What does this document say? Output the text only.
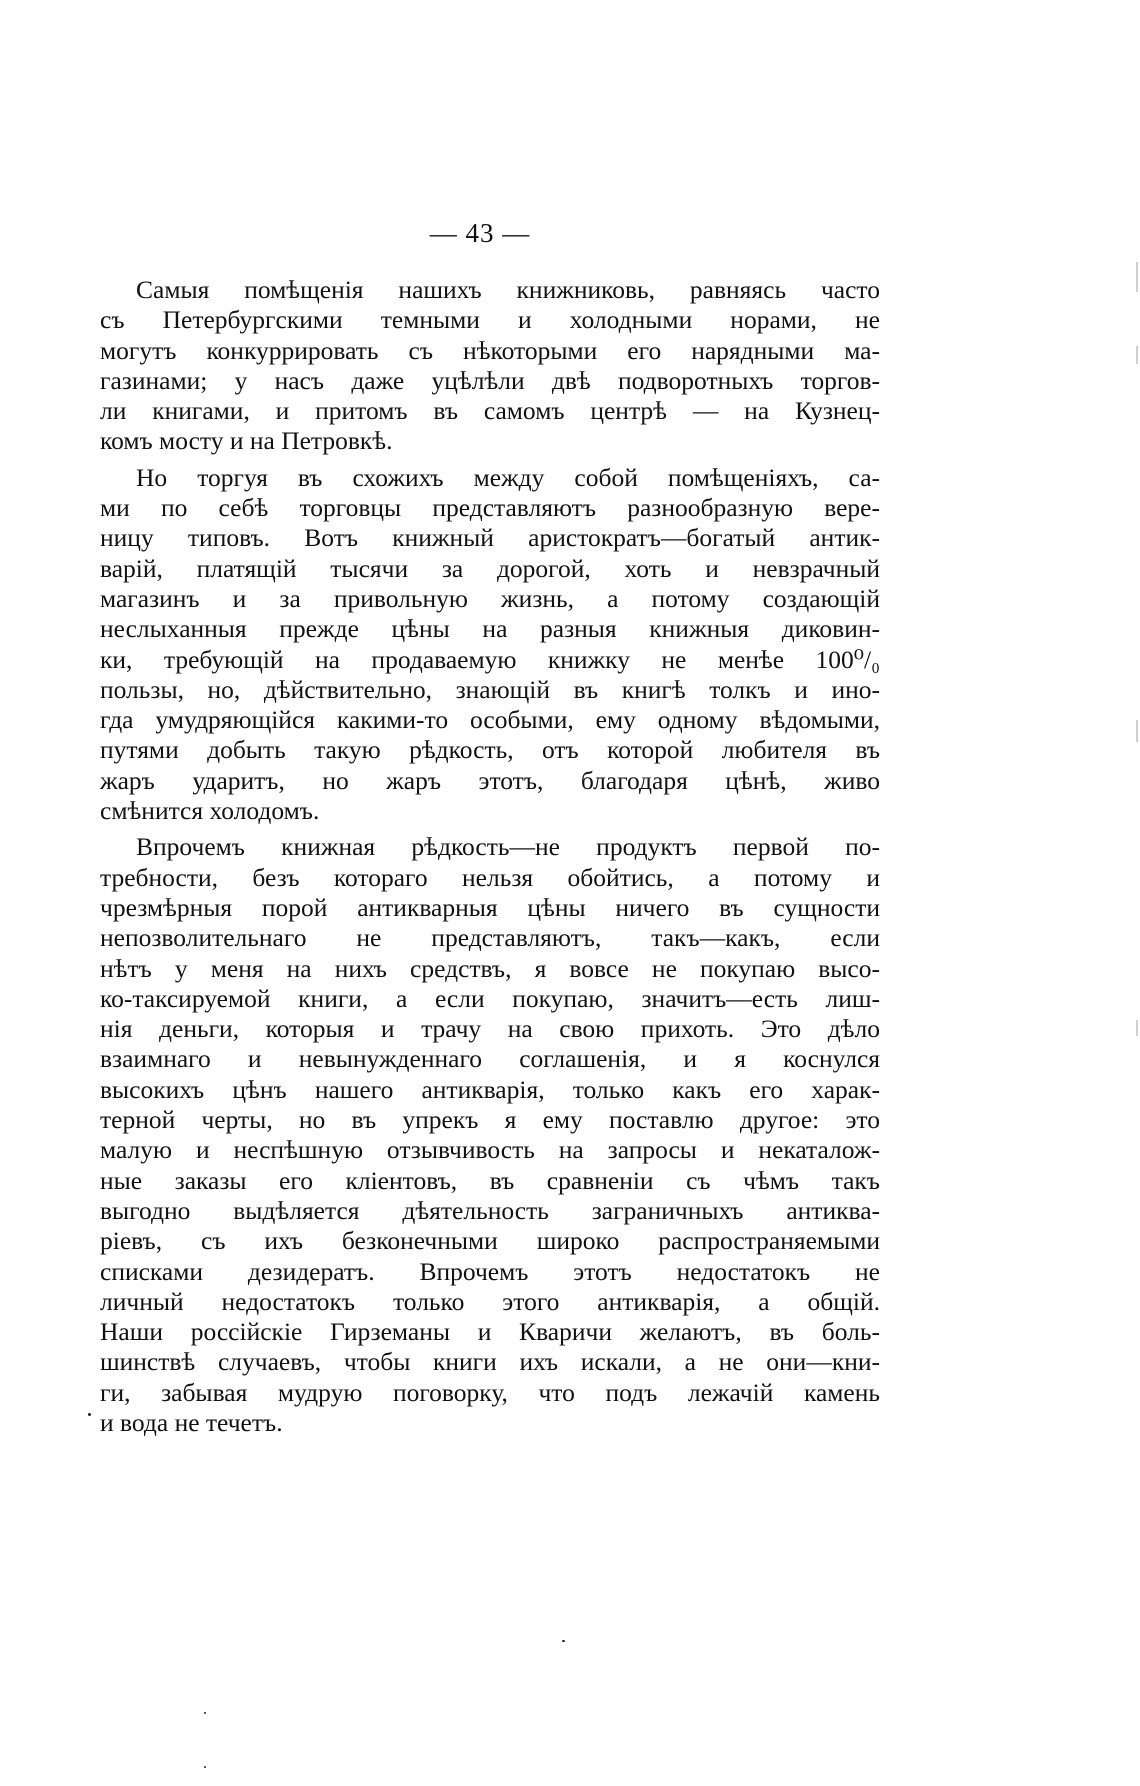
— 43 —
Самыя помѣщенія нашихъ книжниковь, равняясь часто
съ Петербургскими темными и холодными норами, не
могутъ конкуррировать съ нѣкоторыми его нарядными ма-
газинами; у насъ даже уцѣлѣли двѣ подворотныхъ торгов-
ли книгами, и притомъ въ самомъ центрѣ — на Кузнец-
комъ мосту и на Петровкѣ.
Но торгуя въ схожихъ между собой помѣщеніяхъ, са-
ми по себѣ торговцы представляютъ разнообразную вере-
ницу типовъ. Вотъ книжный аристократъ—богатый антик-
варій, платящій тысячи за дорогой, хоть и невзрачный
магазинъ и за привольную жизнь, а потому создающій
неслыханныя прежде цѣны на разныя книжныя диковин-
ки, требующій на продаваемую книжку не менѣе 100⁰/₀
пользы, но, дѣйствительно, знающій въ книгѣ толкъ и ино-
гда умудряющійся какими-то особыми, ему одному вѣдомыми,
путями добыть такую рѣдкость, отъ которой любителя въ
жаръ ударитъ, но жаръ этотъ, благодаря цѣнѣ, живо
смѣнится холодомъ.
Впрочемъ книжная рѣдкость—не продуктъ первой по-
требности, безъ котораго нельзя обойтись, а потому и
чрезмѣрныя порой антикварныя цѣны ничего въ сущности
непозволительнаго не представляютъ, такъ—какъ, если
нѣтъ у меня на нихъ средствъ, я вовсе не покупаю высо-
ко-таксируемой книги, а если покупаю, значитъ—есть лиш-
нія деньги, которыя и трачу на свою прихоть. Это дѣло
взаимнаго и невынужденнаго соглашенія, и я коснулся
высокихъ цѣнъ нашего антикварія, только какъ его харак-
терной черты, но въ упрекъ я ему поставлю другое: это
малую и неспѣшную отзывчивость на запросы и некаталож-
ные заказы его кліентовъ, въ сравненіи съ чѣмъ такъ
выгодно выдѣляется дѣятельность заграничныхъ антиква-
ріевъ, съ ихъ безконечными широко распространяемыми
списками дезидератъ. Впрочемъ этотъ недостатокъ не
личный недостатокъ только этого антикварія, а общій.
Наши россійскіе Гирземаны и Кваричи желаютъ, въ боль-
шинствѣ случаевъ, чтобы книги ихъ искали, а не они—кни-
ги, забывая мудрую поговорку, что подъ лежачій камень
и вода не течетъ.
